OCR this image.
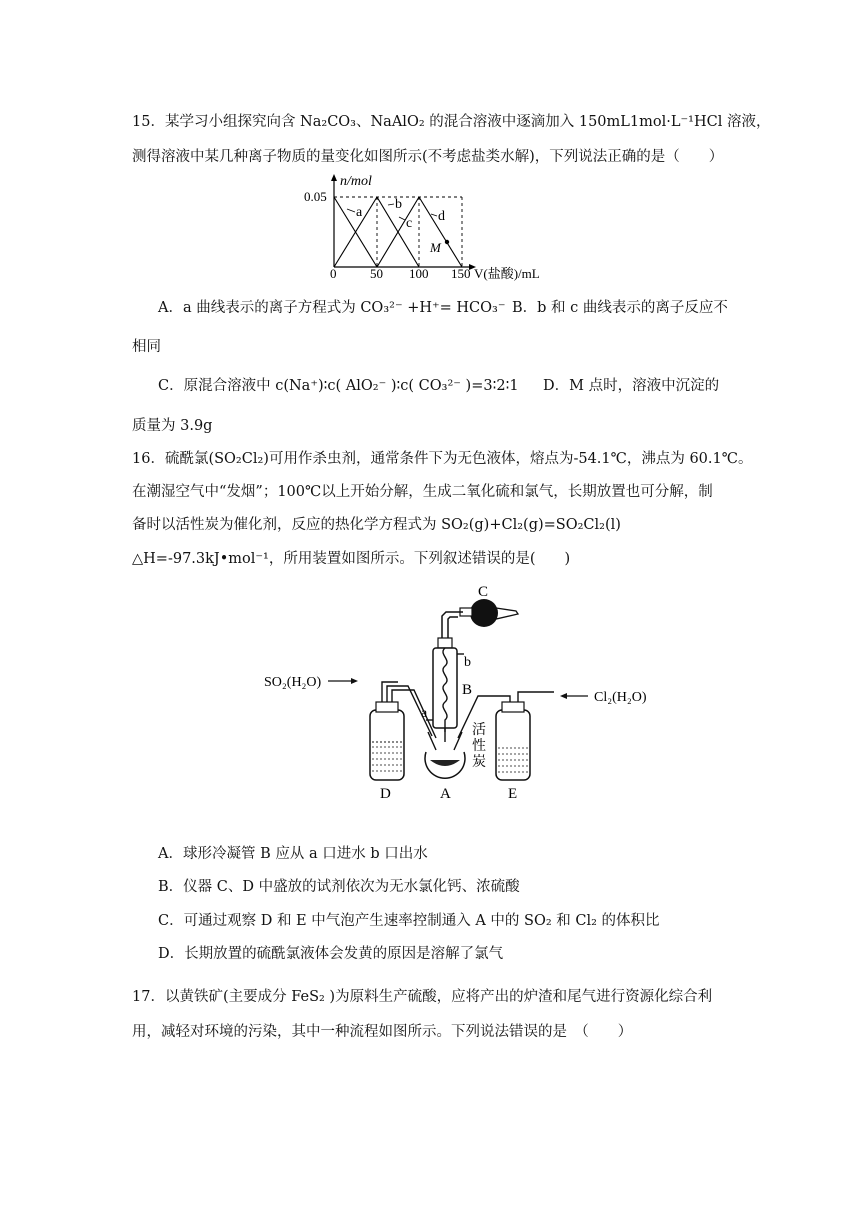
15．某学习小组探究向含 Na₂CO₃、NaAlO₂ 的混合溶液中逐滴加入 150mL1mol·L⁻¹HCl 溶液，
测得溶液中某几种离子物质的量变化如图所示(不考虑盐类水解)，下列说法正确的是（　　）
n/mol
0.05
0	50 100 150 V(盐酸)/mL
a
b
c d
M
A．a 曲线表示的离子方程式为 CO₃²⁻ +H⁺= HCO₃⁻ B．b 和 c 曲线表示的离子反应不
相同
C．原混合溶液中 c(Na⁺)∶c( AlO₂⁻ )∶c( CO₃²⁻ )=3∶2∶1 D．M 点时，溶液中沉淀的
质量为 3.9g
16．硫酰氯(SO₂Cl₂)可用作杀虫剂，通常条件下为无色液体，熔点为-54.1℃，沸点为 60.1℃。
在潮湿空气中“发烟”；100℃以上开始分解，生成二氧化硫和氯气，长期放置也可分解，制
备时以活性炭为催化剂，反应的热化学方程式为 SO₂(g)+Cl₂(g)=SO₂Cl₂(l)
△H=-97.3kJ•mol⁻¹，所用装置如图所示。下列叙述错误的是(　　)
C
b
B
a
SO₂(H₂O)
Cl₂(H₂O)
活
性
炭
D	A	E
A．球形冷凝管 B 应从 a 口进水 b 口出水
B．仪器 C、D 中盛放的试剂依次为无水氯化钙、浓硫酸
C．可通过观察 D 和 E 中气泡产生速率控制通入 A 中的 SO₂ 和 Cl₂ 的体积比
D．长期放置的硫酰氯液体会发黄的原因是溶解了氯气
17．以黄铁矿(主要成分 FeS₂ )为原料生产硫酸，应将产出的炉渣和尾气进行资源化综合利
用，减轻对环境的污染，其中一种流程如图所示。下列说法错误的是　（　　）
